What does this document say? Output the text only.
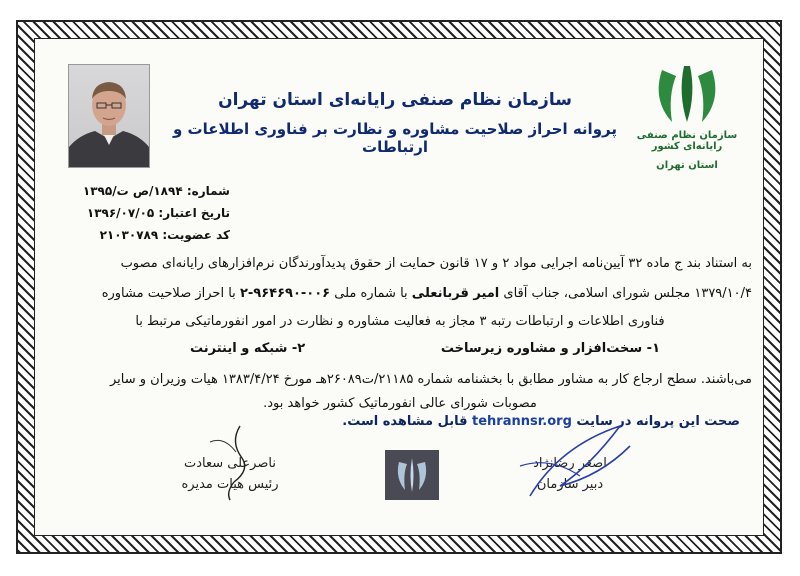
سازمان نظام صنفی رایانه‌ای کشور
استان تهران
سازمان نظام صنفی رایانه‌ای استان تهران
پروانه احراز صلاحیت مشاوره و نظارت بر فناوری اطلاعات و ارتباطات
شماره: ۱۸۹۴/ص ت/۱۳۹۵
تاریخ اعتبار: ۱۳۹۶/۰۷/۰۵
کد عضویت: ۲۱۰۳۰۷۸۹
به استناد بند ج ماده ۳۲ آیین‌نامه اجرایی مواد ۲ و ۱۷ قانون حمایت از حقوق پدیدآورندگان نرم‌افزارهای رایانه‌ای مصوب
۱۳۷۹/۱۰/۴ مجلس شورای اسلامی، جناب آقای امیر قربانعلی با شماره ملی ۰۰۶-۹۶۴۶۹۰-۲ با احراز صلاحیت مشاوره
فناوری اطلاعات و ارتباطات رتبه ۳ مجاز به فعالیت مشاوره و نظارت در امور انفورماتیکی مرتبط با
۱- سخت‌افزار و مشاوره زیرساخت
۲- شبکه و اینترنت
می‌باشند. سطح ارجاع کار به مشاور مطابق با بخشنامه شماره ۲۱۱۸۵/ت۲۶۰۸۹هـ مورخ ۱۳۸۳/۴/۲۴ هیات وزیران و سایر
مصوبات شورای عالی انفورماتیک کشور خواهد بود.
صحت این پروانه در سایت tehrannsr.org قابل مشاهده است.
ناصرعلی سعادت
رئیس هیات مدیره
اصغر رضانژاد
دبیر سازمان
